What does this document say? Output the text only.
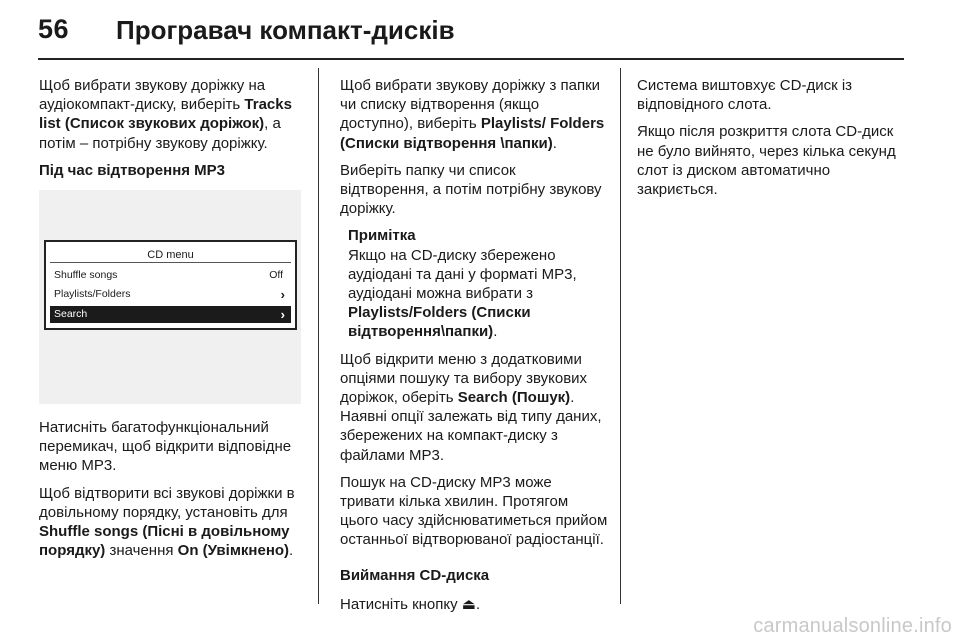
56 Програвач компакт-дисків

Щоб вибрати звукову доріжку на аудіокомпакт-диску, виберіть Tracks list (Список звукових доріжок), а потім – потрібну звукову доріжку.

Під час відтворення MP3

CD menu
Shuffle songs	Off
Playlists/Folders	›
Search	›

Натисніть багатофункціональний перемикач, щоб відкрити відповідне меню MP3.

Щоб відтворити всі звукові доріжки в довільному порядку, установіть для Shuffle songs (Пісні в довільному порядку) значення On (Увімкнено).

Щоб вибрати звукову доріжку з папки чи списку відтворення (якщо доступно), виберіть Playlists/ Folders (Списки відтворення \папки).

Виберіть папку чи список відтворення, а потім потрібну звукову доріжку.

Примітка
Якщо на CD-диску збережено аудіодані та дані у форматі MP3, аудіодані можна вибрати з Playlists/Folders (Списки відтворення\папки).

Щоб відкрити меню з додатковими опціями пошуку та вибору звукових доріжок, оберіть Search (Пошук). Наявні опції залежать від типу даних, збережених на компакт-диску з файлами MP3.

Пошук на CD-диску MP3 може тривати кілька хвилин. Протягом цього часу здійснюватиметься прийом останньої відтворюваної радіостанції.

Виймання CD-диска

Натисніть кнопку ⏏.

Система виштовхує CD-диск із відповідного слота.

Якщо після розкриття слота CD-диск не було вийнято, через кілька секунд слот із диском автоматично закриється.

carmanualsonline.info
